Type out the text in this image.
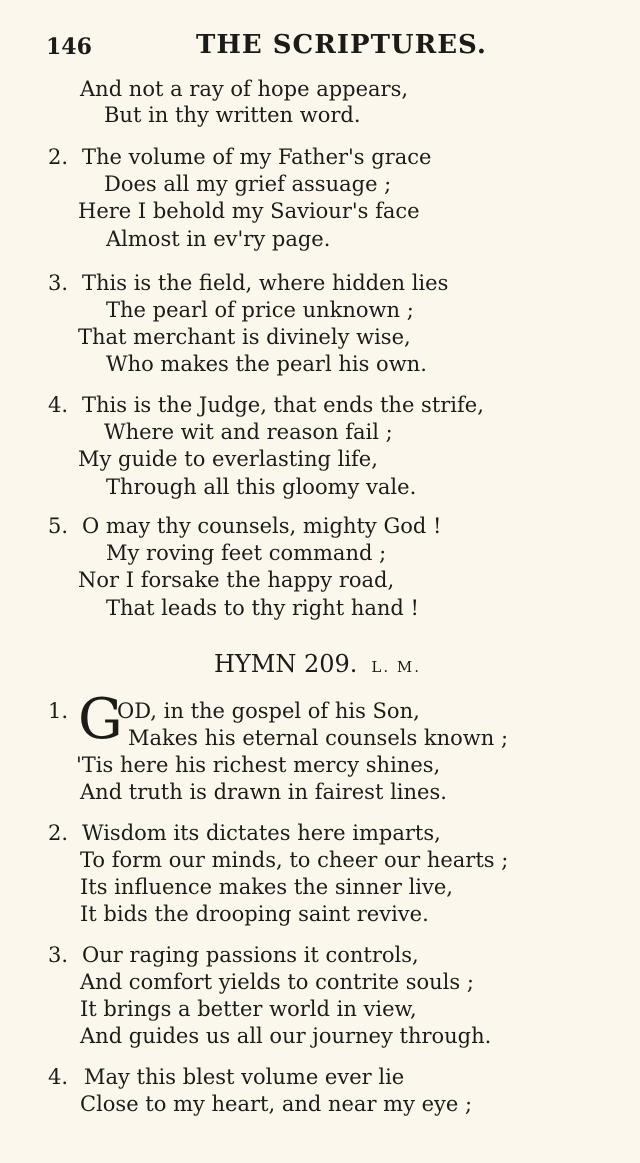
146	THE SCRIPTURES.
And not a ray of hope appears,
But in thy written word.
2. The volume of my Father's grace
Does all my grief assuage ;
Here I behold my Saviour's face
Almost in ev'ry page.
3. This is the field, where hidden lies
The pearl of price unknown ;
That merchant is divinely wise,
Who makes the pearl his own.
4. This is the Judge, that ends the strife,
Where wit and reason fail ;
My guide to everlasting life,
Through all this gloomy vale.
5. O may thy counsels, mighty God !
My roving feet command ;
Nor I forsake the happy road,
That leads to thy right hand !
HYMN 209. L. M.
1. G
OD, in the gospel of his Son,
Makes his eternal counsels known ;
'Tis here his richest mercy shines,
And truth is drawn in fairest lines.
2. Wisdom its dictates here imparts,
To form our minds, to cheer our hearts ;
Its influence makes the sinner live,
It bids the drooping saint revive.
3. Our raging passions it controls,
And comfort yields to contrite souls ;
It brings a better world in view,
And guides us all our journey through.
4. May this blest volume ever lie
Close to my heart, and near my eye ;
